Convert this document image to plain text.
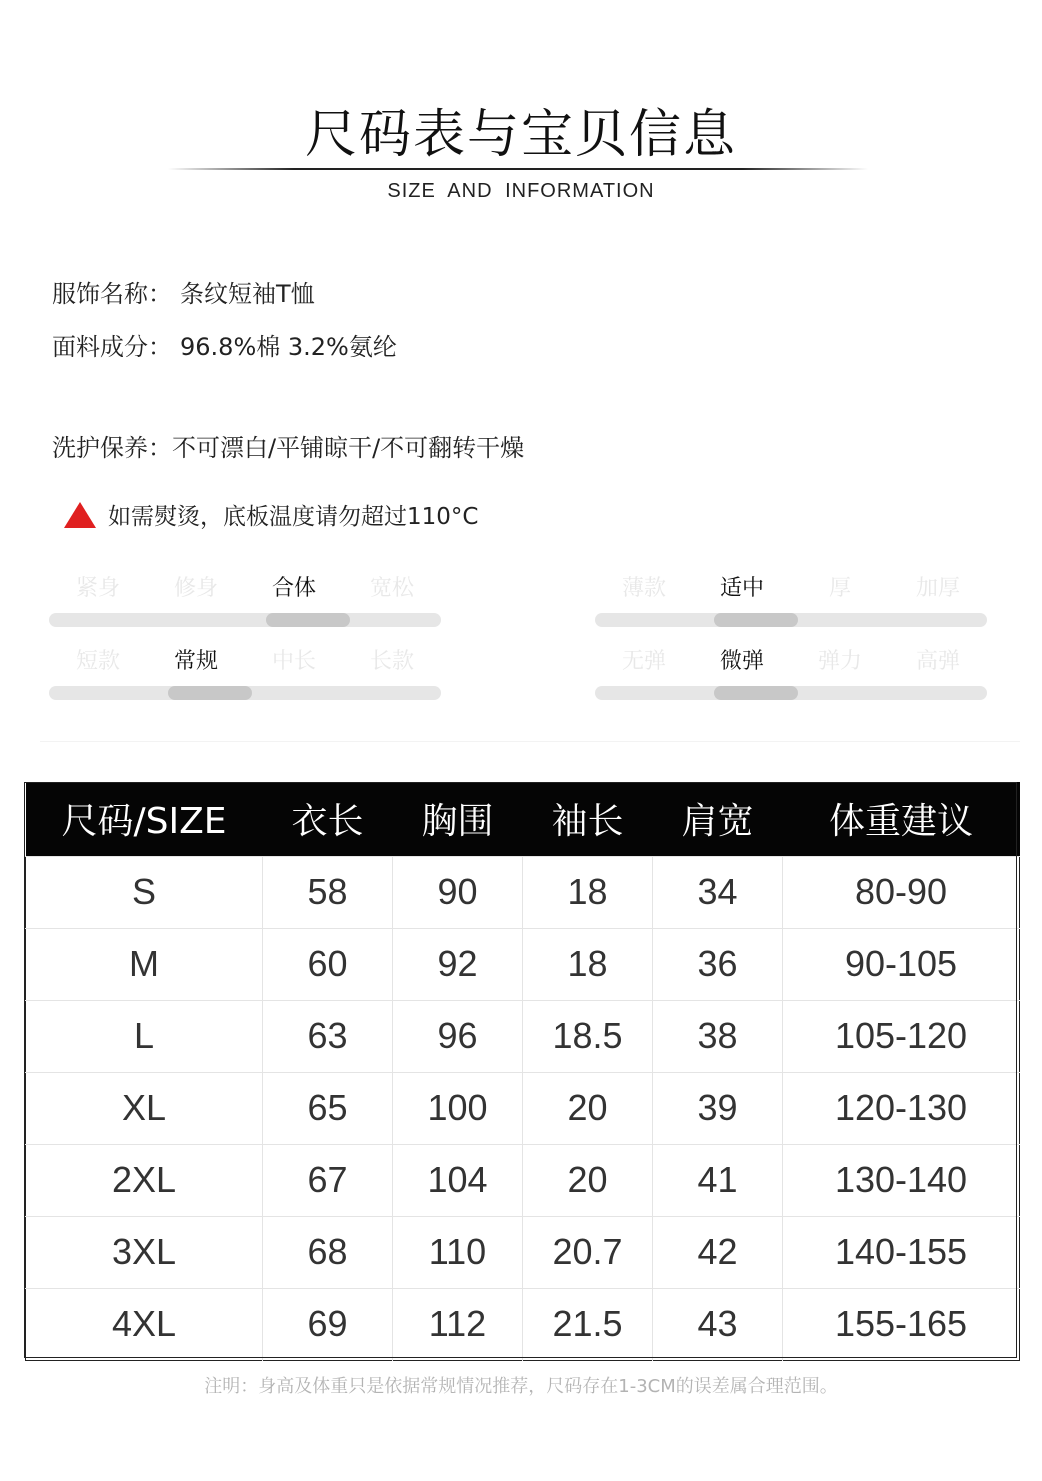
尺码表与宝贝信息
SIZE AND INFORMATION
服饰名称： 条纹短袖T恤
面料成分： 96.8%棉 3.2%氨纶
洗护保养：不可漂白/平铺晾干/不可翻转干燥
如需熨烫，底板温度请勿超过110°C
紧身	修身	合体	宽松	薄款	适中	厚	加厚
短款	常规	中长	长款	无弹	微弹	弹力	高弹
尺码/SIZE	衣长	胸围	袖长	肩宽	体重建议
S	58	90	18	34	80-90
M	60	92	18	36	90-105
L	63	96	18.5	38	105-120
XL	65	100	20	39	120-130
2XL	67	104	20	41	130-140
3XL	68	110	20.7	42	140-155
4XL	69	112	21.5	43	155-165
注明：身高及体重只是依据常规情况推荐，尺码存在1-3CM的误差属合理范围。
